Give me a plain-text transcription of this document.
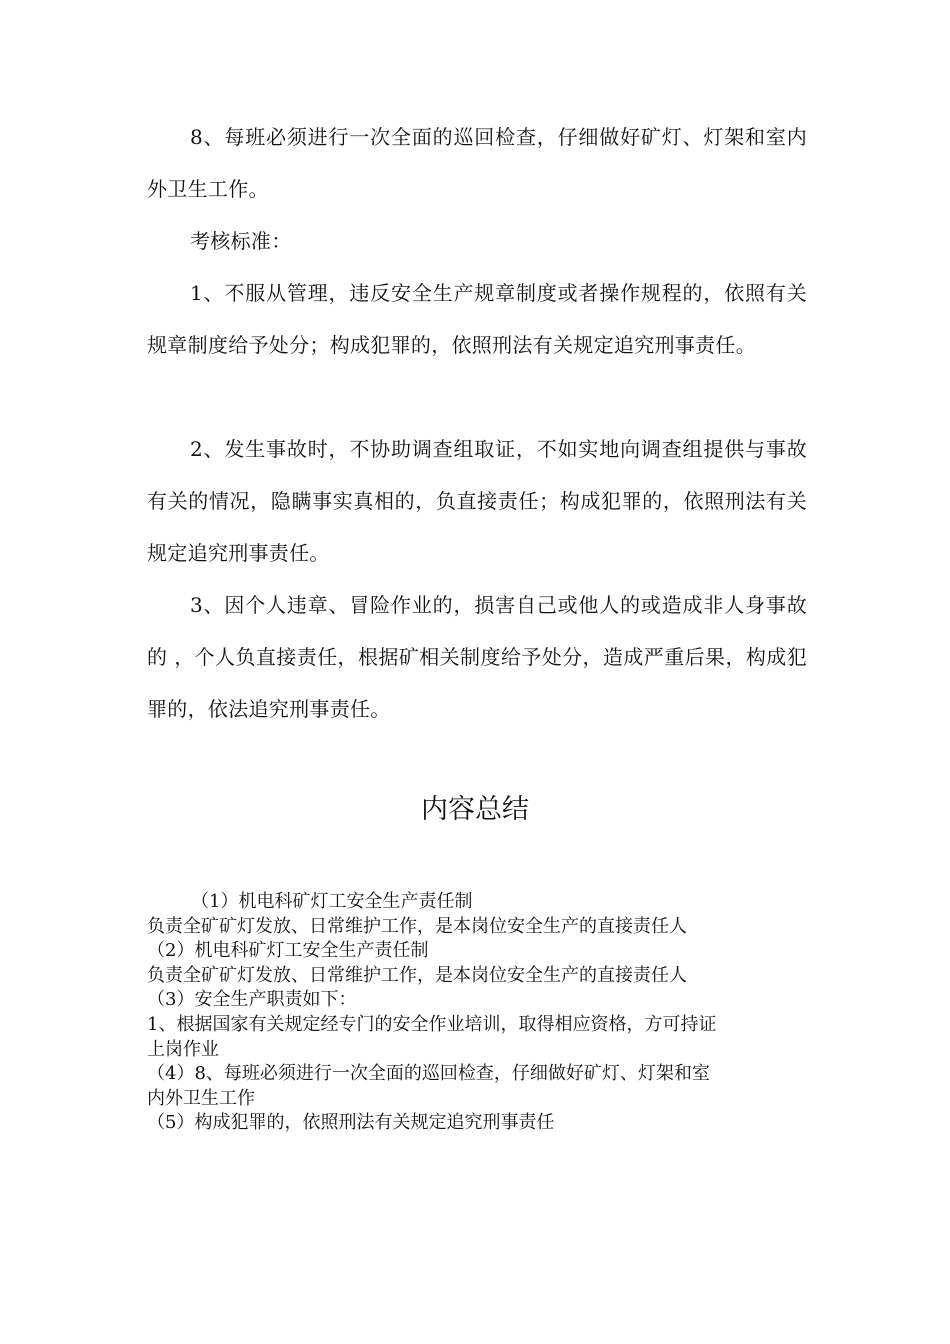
8、每班必须进行一次全面的巡回检查，仔细做好矿灯、灯架和室内外卫生工作。

考核标准：

1、不服从管理，违反安全生产规章制度或者操作规程的，依照有关规章制度给予处分；构成犯罪的，依照刑法有关规定追究刑事责任。

2、发生事故时，不协助调查组取证，不如实地向调查组提供与事故有关的情况，隐瞒事实真相的，负直接责任；构成犯罪的，依照刑法有关规定追究刑事责任。

3、因个人违章、冒险作业的，损害自己或他人的或造成非人身事故的 ，个人负直接责任，根据矿相关制度给予处分，造成严重后果，构成犯罪的，依法追究刑事责任。

内容总结
（1）机电科矿灯工安全生产责任制
负责全矿矿灯发放、日常维护工作，是本岗位安全生产的直接责任人
（2）机电科矿灯工安全生产责任制
负责全矿矿灯发放、日常维护工作，是本岗位安全生产的直接责任人
（3）安全生产职责如下：
1、根据国家有关规定经专门的安全作业培训，取得相应资格，方可持证
上岗作业
（4）8、每班必须进行一次全面的巡回检查，仔细做好矿灯、灯架和室
内外卫生工作
（5）构成犯罪的，依照刑法有关规定追究刑事责任
